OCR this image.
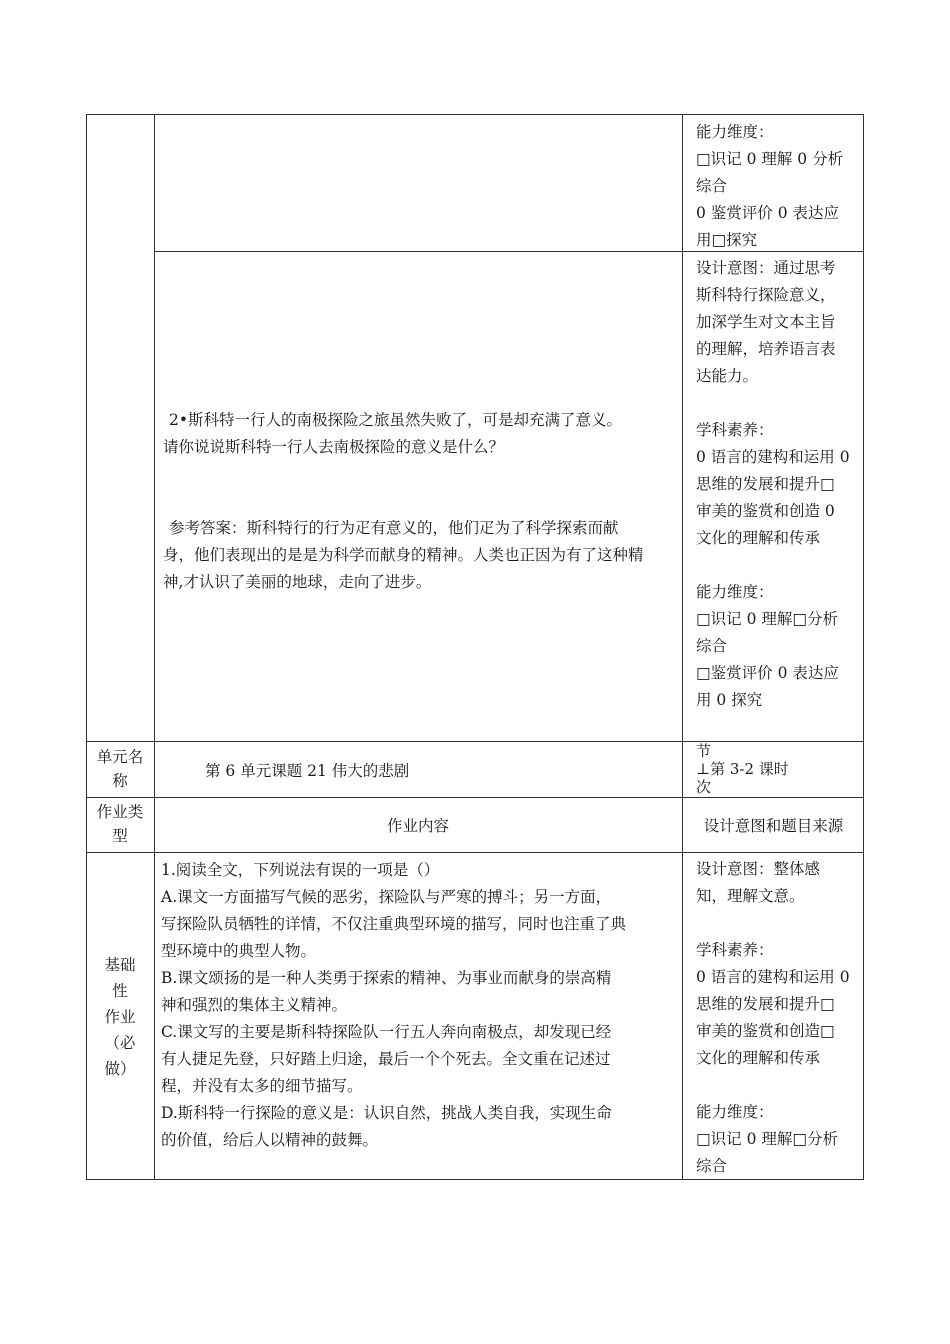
能力维度：
□识记 0 理解 0 分析
综合
0 鉴赏评价 0 表达应
用□探究
2•斯科特一行人的南极探险之旅虽然失败了，可是却充满了意义。
请你说说斯科特一行人去南极探险的意义是什么？
参考答案：斯科特行的行为疋有意义的，他们疋为了科学探索而献
身，他们表现出的是是为科学而献身的精神。人类也正因为有了这种精
神,才认识了美丽的地球，走向了进步。
设计意图：通过思考
斯科特行探险意义，
加深学生对文本主旨
的理解，培养语言表
达能力。
学科素养：
0 语言的建构和运用 0
思维的发展和提升□
审美的鉴赏和创造 0
文化的理解和传承
能力维度：
□识记 0 理解□分析
综合
□鉴赏评价 0 表达应
用 0 探究
单元名
称
第 6 单元课题 21 伟大的悲剧
节
⊥第 3-2 课时
次
作业类
型
作业内容	设计意图和题目来源
基础
性
作业
（必
做）
1.阅读全文，下列说法有误的一项是（）
A.课文一方面描写气候的恶劣，探险队与严寒的搏斗；另一方面，
写探险队员牺牲的详情，不仅注重典型环境的描写，同时也注重了典
型环境中的典型人物。
B.课文颂扬的是一种人类勇于探索的精神、为事业而献身的崇高精
神和强烈的集体主义精神。
C.课文写的主要是斯科特探险队一行五人奔向南极点，却发现已经
有人捷足先登，只好踏上归途，最后一个个死去。全文重在记述过
程，并没有太多的细节描写。
D.斯科特一行探险的意义是：认识自然，挑战人类自我，实现生命
的价值，给后人以精神的鼓舞。
设计意图：整体感
知，理解文意。
学科素养：
0 语言的建构和运用 0
思维的发展和提升□
审美的鉴赏和创造□
文化的理解和传承
能力维度：
□识记 0 理解□分析
综合
